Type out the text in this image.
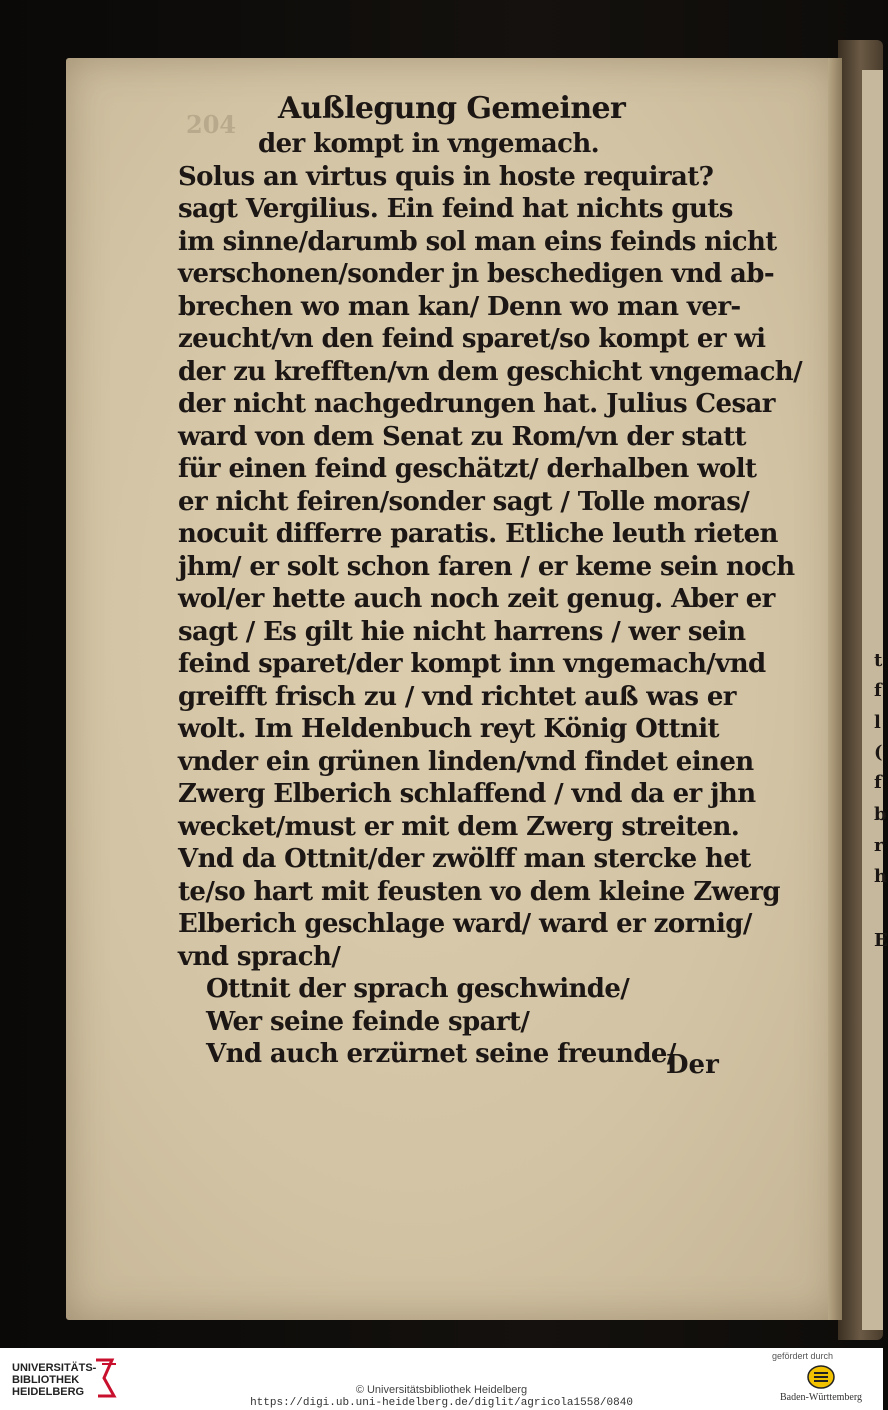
t
f
l
(
f
b
r
h
E
204	Außlegung Gemeiner
der kompt in vngemach.
Solus an virtus quis in hoste requirat?
sagt Vergilius. Ein feind hat nichts guts
im sinne/darumb sol man eins feinds nicht
verschonen/sonder jn beschedigen vnd ab-
brechen wo man kan/ Denn wo man ver-
zeucht/vn den feind sparet/so kompt er wi
der zu krefften/vn dem geschicht vngemach/
der nicht nachgedrungen hat. Julius Cesar
ward von dem Senat zu Rom/vn der statt
für einen feind geschätzt/ derhalben wolt
er nicht feiren/sonder sagt / Tolle moras/
nocuit differre paratis. Etliche leuth rieten
jhm/ er solt schon faren / er keme sein noch
wol/er hette auch noch zeit genug. Aber er
sagt / Es gilt hie nicht harrens / wer sein
feind sparet/der kompt inn vngemach/vnd
greifft frisch zu / vnd richtet auß was er
wolt. Im Heldenbuch reyt König Ottnit
vnder ein grünen linden/vnd findet einen
Zwerg Elberich schlaffend / vnd da er jhn
wecket/must er mit dem Zwerg streiten.
Vnd da Ottnit/der zwölff man stercke het
te/so hart mit feusten vo dem kleine Zwerg
Elberich geschlage ward/ ward er zornig/
vnd sprach/
Ottnit der sprach geschwinde/
Wer seine feinde spart/
Vnd auch erzürnet seine freunde/
Der
UNIVERSITÄTS-
BIBLIOTHEK
HEIDELBERG	© Universitätsbibliothek Heidelberg
https://digi.ub.uni-heidelberg.de/diglit/agricola1558/0840
gefördert durch
Baden-Württemberg
